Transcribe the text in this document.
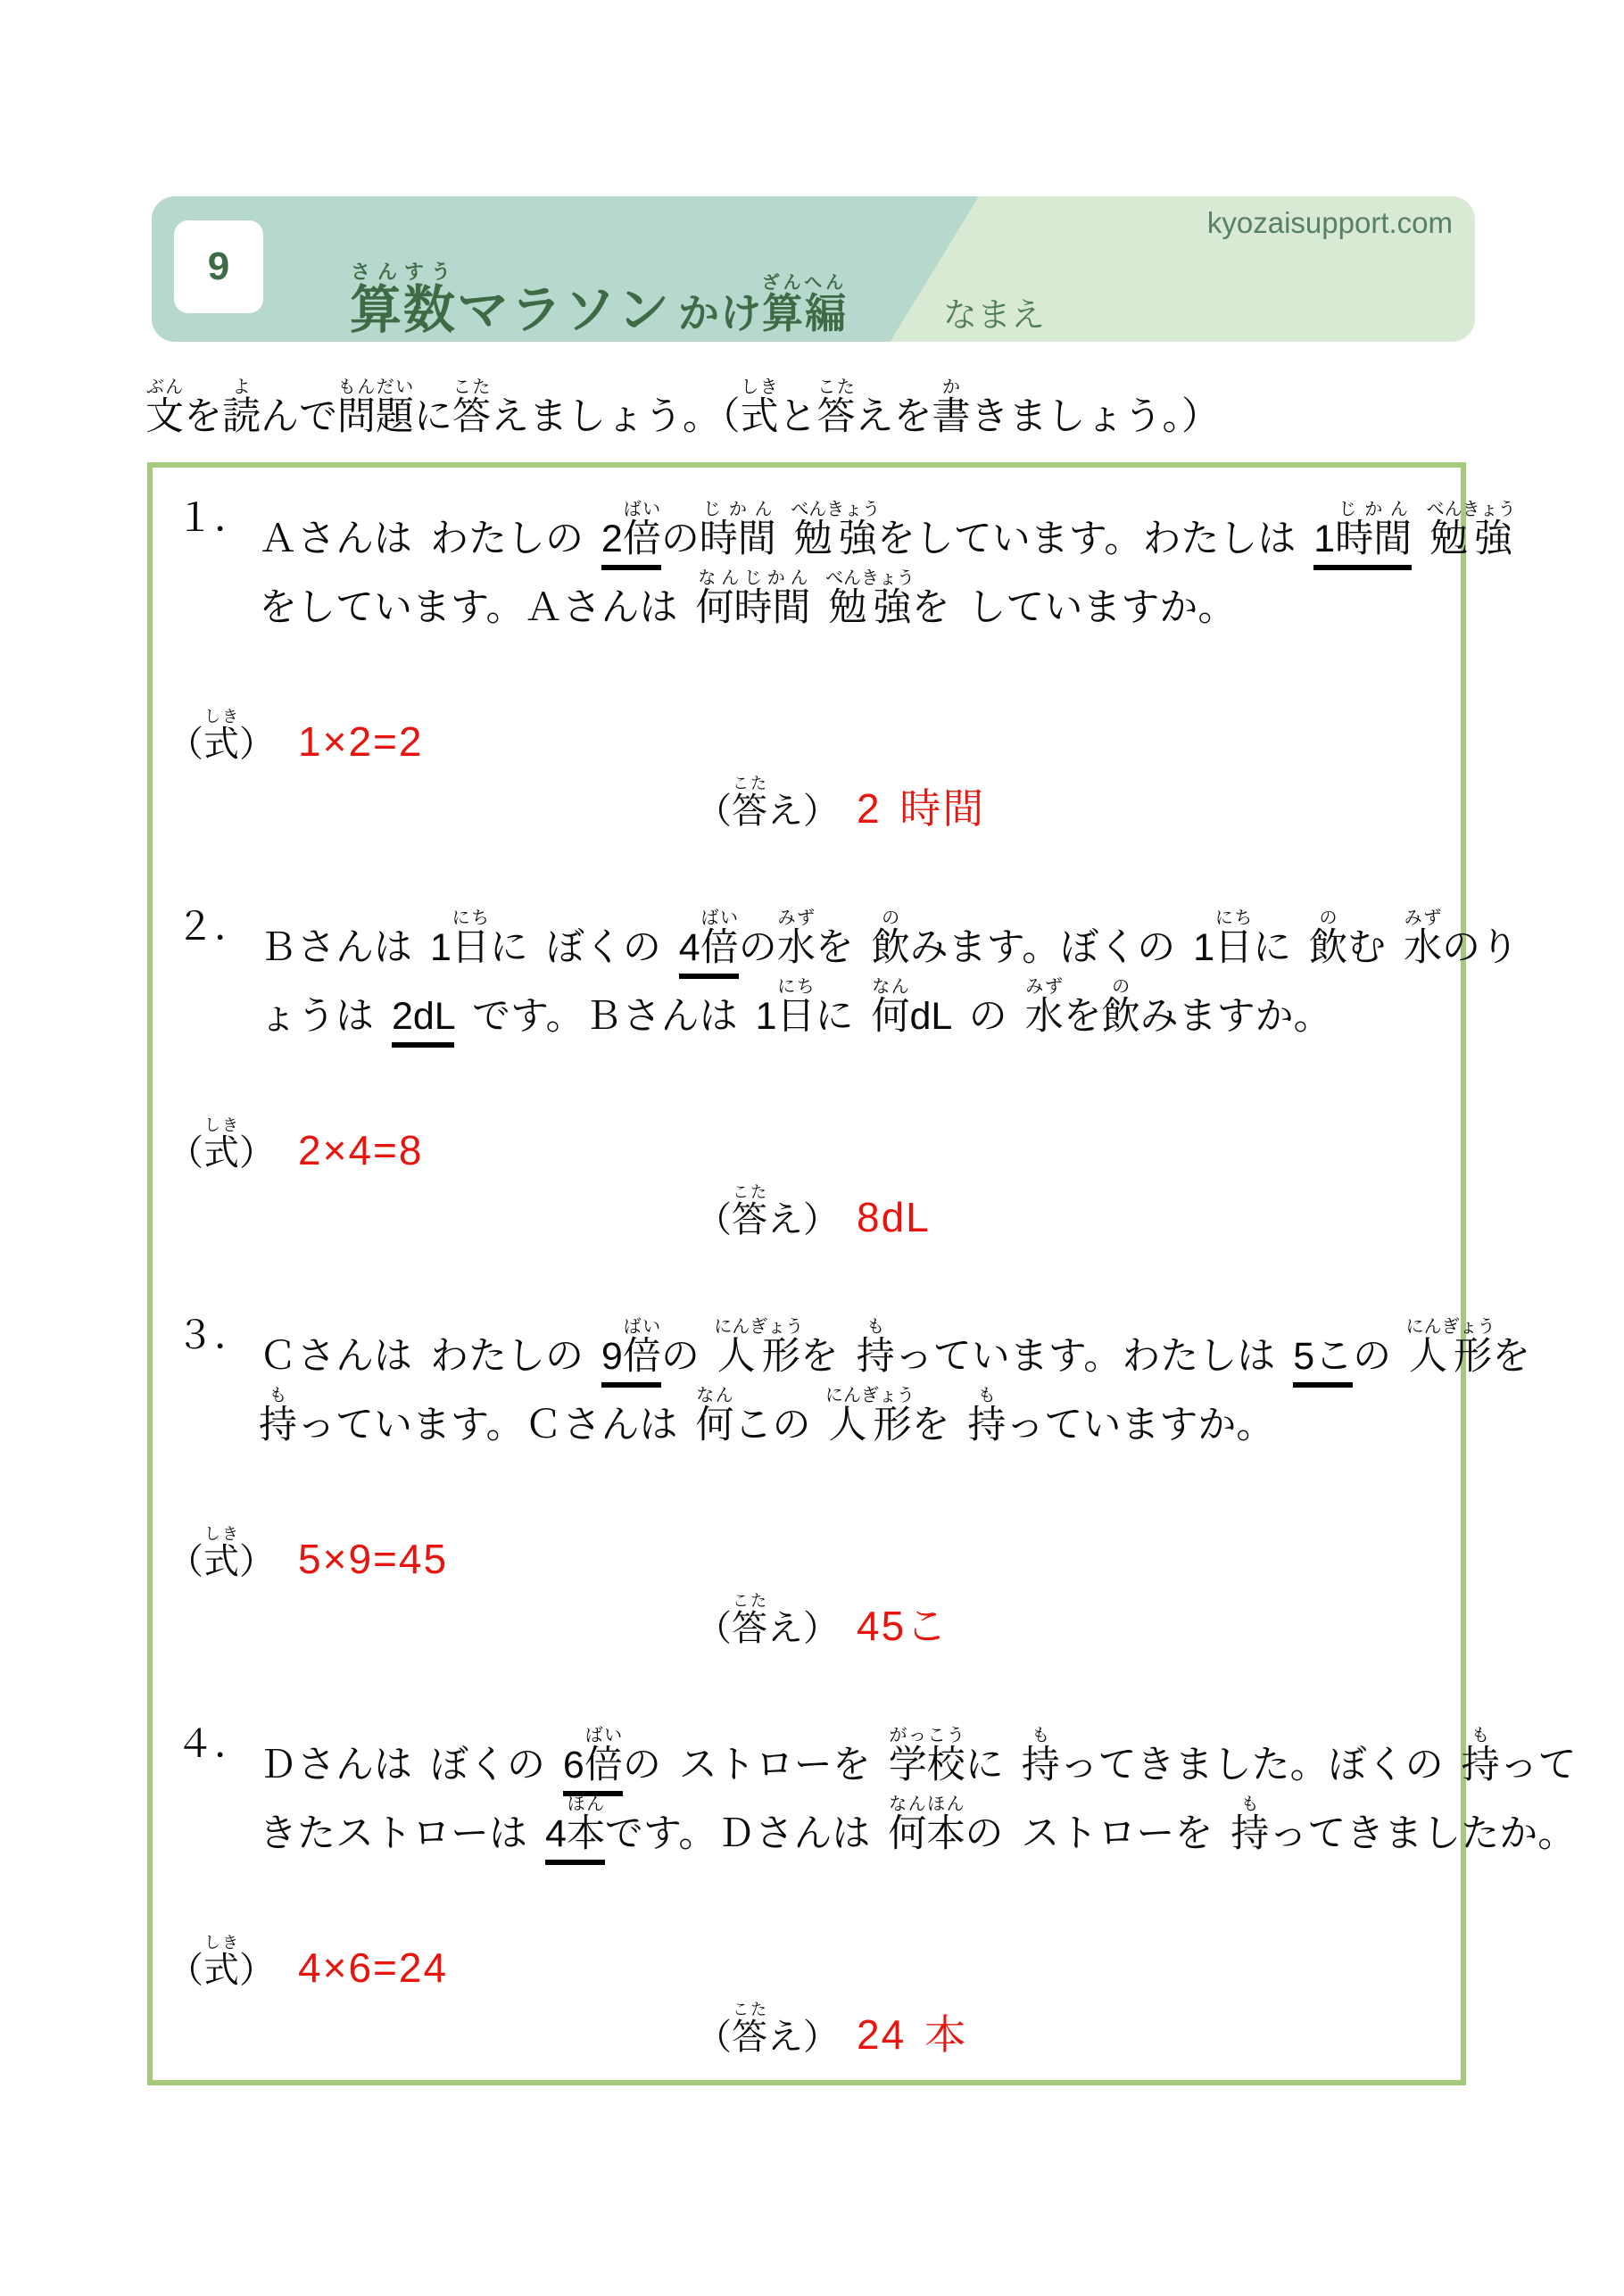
9
算数さんすうマラソン かけ算編ざんへん
kyozaisupport.com
なまえ
文ぶんを読よんで問題もんだいに答こたえましょう。（式しきと答こたえを書かきましょう。）
１． Ａさんは わたしの 2倍ばいの時間じかん 勉強べんきょうをしています。わたしは 1時間じかん 勉強べんきょう
をしています。Ａさんは 何時間なんじかん 勉強べんきょうを していますか。
（式しき） 1×2=2
（答こたえ） 2 時間
２． Ｂさんは 1日にちに ぼくの 4倍ばいの水みずを 飲のみます。ぼくの 1日にちに 飲のむ 水みずのり
ょうは 2dL です。Ｂさんは 1日にちに 何なんdL の 水みずを飲のみますか。
（式しき） 2×4=8
（答こたえ） 8dL
３． Ｃさんは わたしの 9倍ばいの 人形にんぎょうを 持もっています。わたしは 5この 人形にんぎょうを
持もっています。Ｃさんは 何なんこの 人形にんぎょうを 持もっていますか。
（式しき） 5×9=45
（答こたえ） 45こ
４． Ｄさんは ぼくの 6倍ばいの ストローを 学校がっこうに 持もってきました。ぼくの 持もって
きたストローは 4本ほんです。Ｄさんは 何本なんほんの ストローを 持もってきましたか。
（式しき） 4×6=24
（答こたえ） 24 本
